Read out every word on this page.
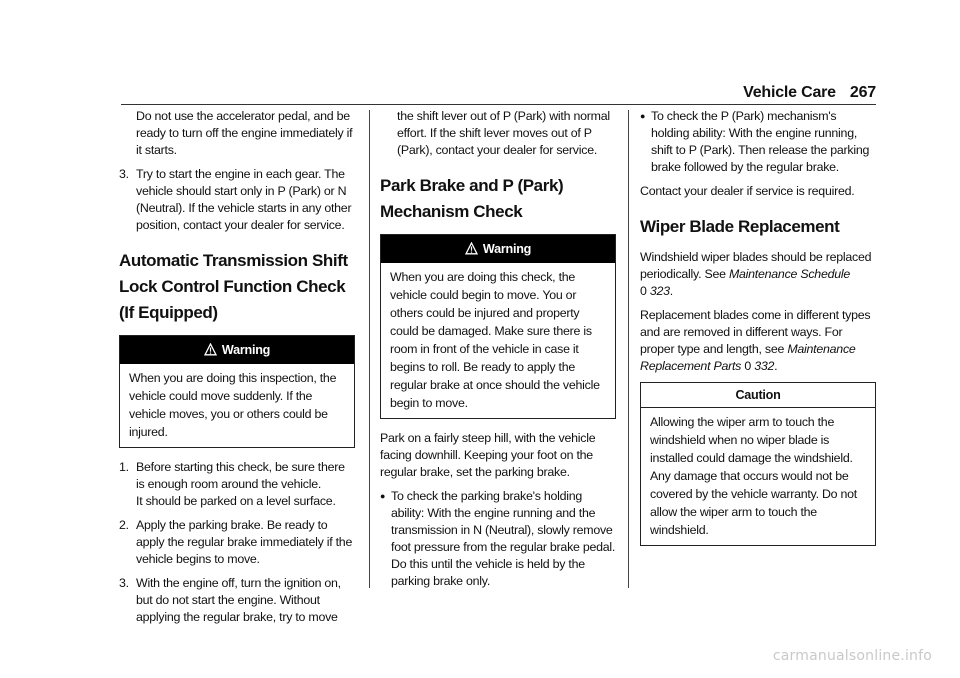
Vehicle Care 267

Do not use the accelerator pedal, and be ready to turn off the engine immediately if it starts.

3. Try to start the engine in each gear. The vehicle should start only in P (Park) or N (Neutral). If the vehicle starts in any other position, contact your dealer for service.
Automatic Transmission Shift Lock Control Function Check (If Equipped)
Warning
When you are doing this inspection, the vehicle could move suddenly. If the vehicle moves, you or others could be injured.
1. Before starting this check, be sure there is enough room around the vehicle.
It should be parked on a level surface.
2. Apply the parking brake. Be ready to apply the regular brake immediately if the vehicle begins to move.
3. With the engine off, turn the ignition on, but do not start the engine. Without applying the regular brake, try to move

the shift lever out of P (Park) with normal effort. If the shift lever moves out of P (Park), contact your dealer for service.

Park Brake and P (Park) Mechanism Check
Warning
When you are doing this check, the vehicle could begin to move. You or others could be injured and property could be damaged. Make sure there is room in front of the vehicle in case it begins to roll. Be ready to apply the regular brake at once should the vehicle begin to move.

Park on a fairly steep hill, with the vehicle facing downhill. Keeping your foot on the regular brake, set the parking brake.

● To check the parking brake's holding ability: With the engine running and the transmission in N (Neutral), slowly remove foot pressure from the regular brake pedal. Do this until the vehicle is held by the parking brake only.
● To check the P (Park) mechanism's holding ability: With the engine running, shift to P (Park). Then release the parking brake followed by the regular brake.

Contact your dealer if service is required.

Wiper Blade Replacement

Windshield wiper blades should be replaced periodically. See Maintenance Schedule
0 323.

Replacement blades come in different types and are removed in different ways. For proper type and length, see Maintenance Replacement Parts 0 332.

Caution
Allowing the wiper arm to touch the windshield when no wiper blade is installed could damage the windshield. Any damage that occurs would not be covered by the vehicle warranty. Do not allow the wiper arm to touch the windshield.
carmanualsonline.info
